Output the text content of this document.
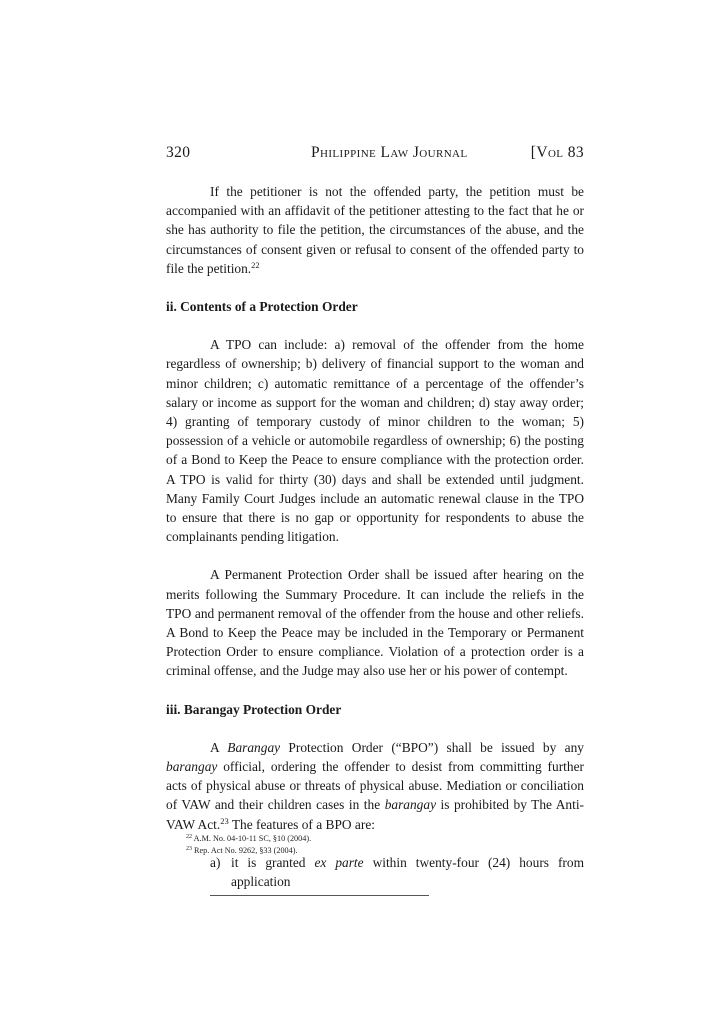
320	Philippine Law Journal	[Vol 83

If the petitioner is not the offended party, the petition must be accompanied with an affidavit of the petitioner attesting to the fact that he or she has authority to file the petition, the circumstances of the abuse, and the circumstances of consent given or refusal to consent of the offended party to file the petition.$^{22}$

ii. Contents of a Protection Order

A TPO can include: a) removal of the offender from the home regardless of ownership; b) delivery of financial support to the woman and minor children; c) automatic remittance of a percentage of the offender’s salary or income as support for the woman and children; d) stay away order; 4) granting of temporary custody of minor children to the woman; 5) possession of a vehicle or automobile regardless of ownership; 6) the posting of a Bond to Keep the Peace to ensure compliance with the protection order. A TPO is valid for thirty (30) days and shall be extended until judgment. Many Family Court Judges include an automatic renewal clause in the TPO to ensure that there is no gap or opportunity for respondents to abuse the complainants pending litigation.

A Permanent Protection Order shall be issued after hearing on the merits following the Summary Procedure. It can include the reliefs in the TPO and permanent removal of the offender from the house and other reliefs. A Bond to Keep the Peace may be included in the Temporary or Permanent Protection Order to ensure compliance. Violation of a protection order is a criminal offense, and the Judge may also use her or his power of contempt.

iii. Barangay Protection Order

A Barangay Protection Order (“BPO”) shall be issued by any barangay official, ordering the offender to desist from committing further acts of physical abuse or threats of physical abuse. Mediation or conciliation of VAW and their children cases in the barangay is prohibited by The Anti-VAW Act.$^{23}$ The features of a BPO are:

a) it is granted ex parte within twenty-four (24) hours from application

$^{22}$ A.M. No. 04-10-11 SC, §10 (2004).
$^{23}$ Rep. Act No. 9262, §33 (2004).
